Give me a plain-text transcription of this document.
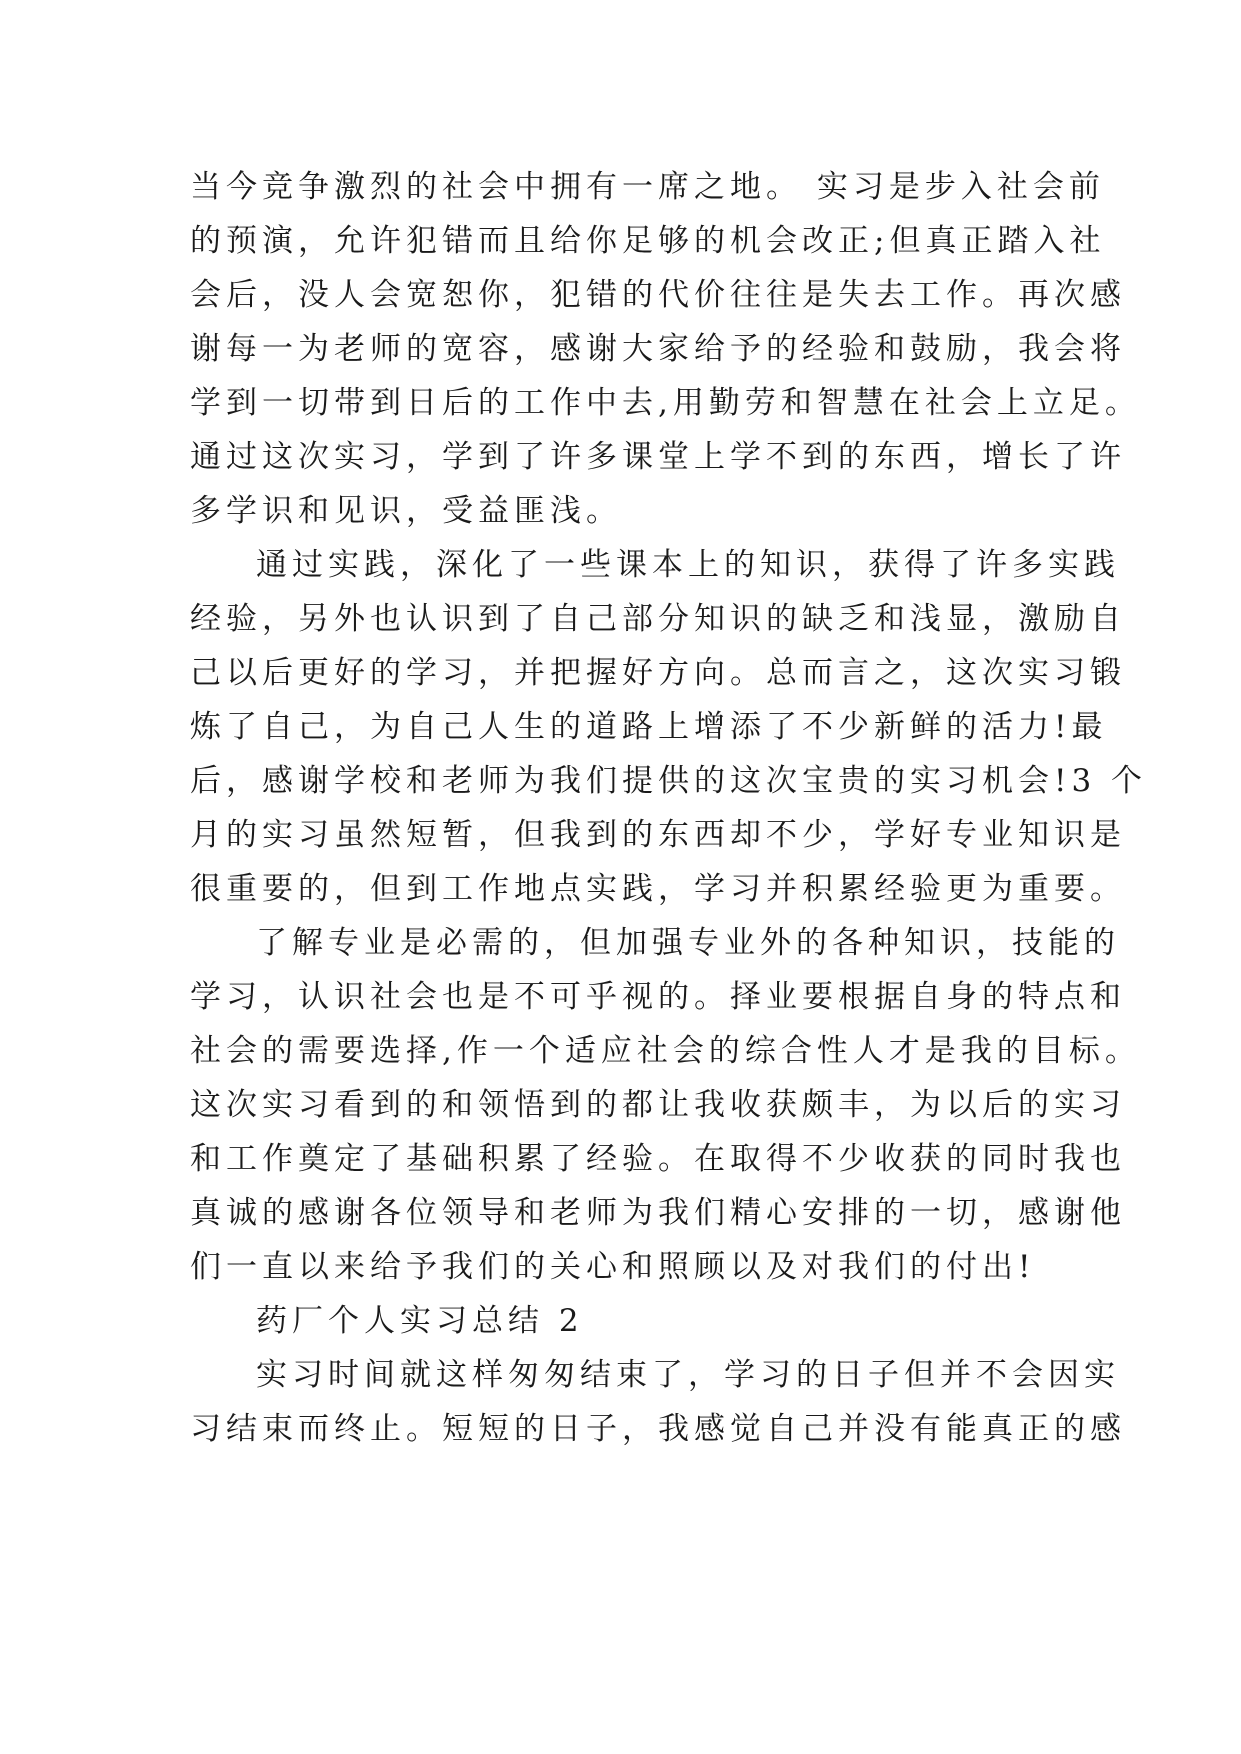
当今竞争激烈的社会中拥有一席之地。 实习是步入社会前
的预演，允许犯错而且给你足够的机会改正;但真正踏入社
会后，没人会宽恕你，犯错的代价往往是失去工作。再次感
谢每一为老师的宽容，感谢大家给予的经验和鼓励，我会将
学到一切带到日后的工作中去,用勤劳和智慧在社会上立足。
通过这次实习，学到了许多课堂上学不到的东西，增长了许
多学识和见识，受益匪浅。
通过实践，深化了一些课本上的知识，获得了许多实践
经验，另外也认识到了自己部分知识的缺乏和浅显，激励自
己以后更好的学习，并把握好方向。总而言之，这次实习锻
炼了自己，为自己人生的道路上增添了不少新鲜的活力!最
后，感谢学校和老师为我们提供的这次宝贵的实习机会!3 个
月的实习虽然短暂，但我到的东西却不少，学好专业知识是
很重要的，但到工作地点实践，学习并积累经验更为重要。
了解专业是必需的，但加强专业外的各种知识，技能的
学习，认识社会也是不可乎视的。择业要根据自身的特点和
社会的需要选择,作一个适应社会的综合性人才是我的目标。
这次实习看到的和领悟到的都让我收获颇丰，为以后的实习
和工作奠定了基础积累了经验。在取得不少收获的同时我也
真诚的感谢各位领导和老师为我们精心安排的一切，感谢他
们一直以来给予我们的关心和照顾以及对我们的付出!
药厂个人实习总结 2
实习时间就这样匆匆结束了，学习的日子但并不会因实
习结束而终止。短短的日子，我感觉自己并没有能真正的感
